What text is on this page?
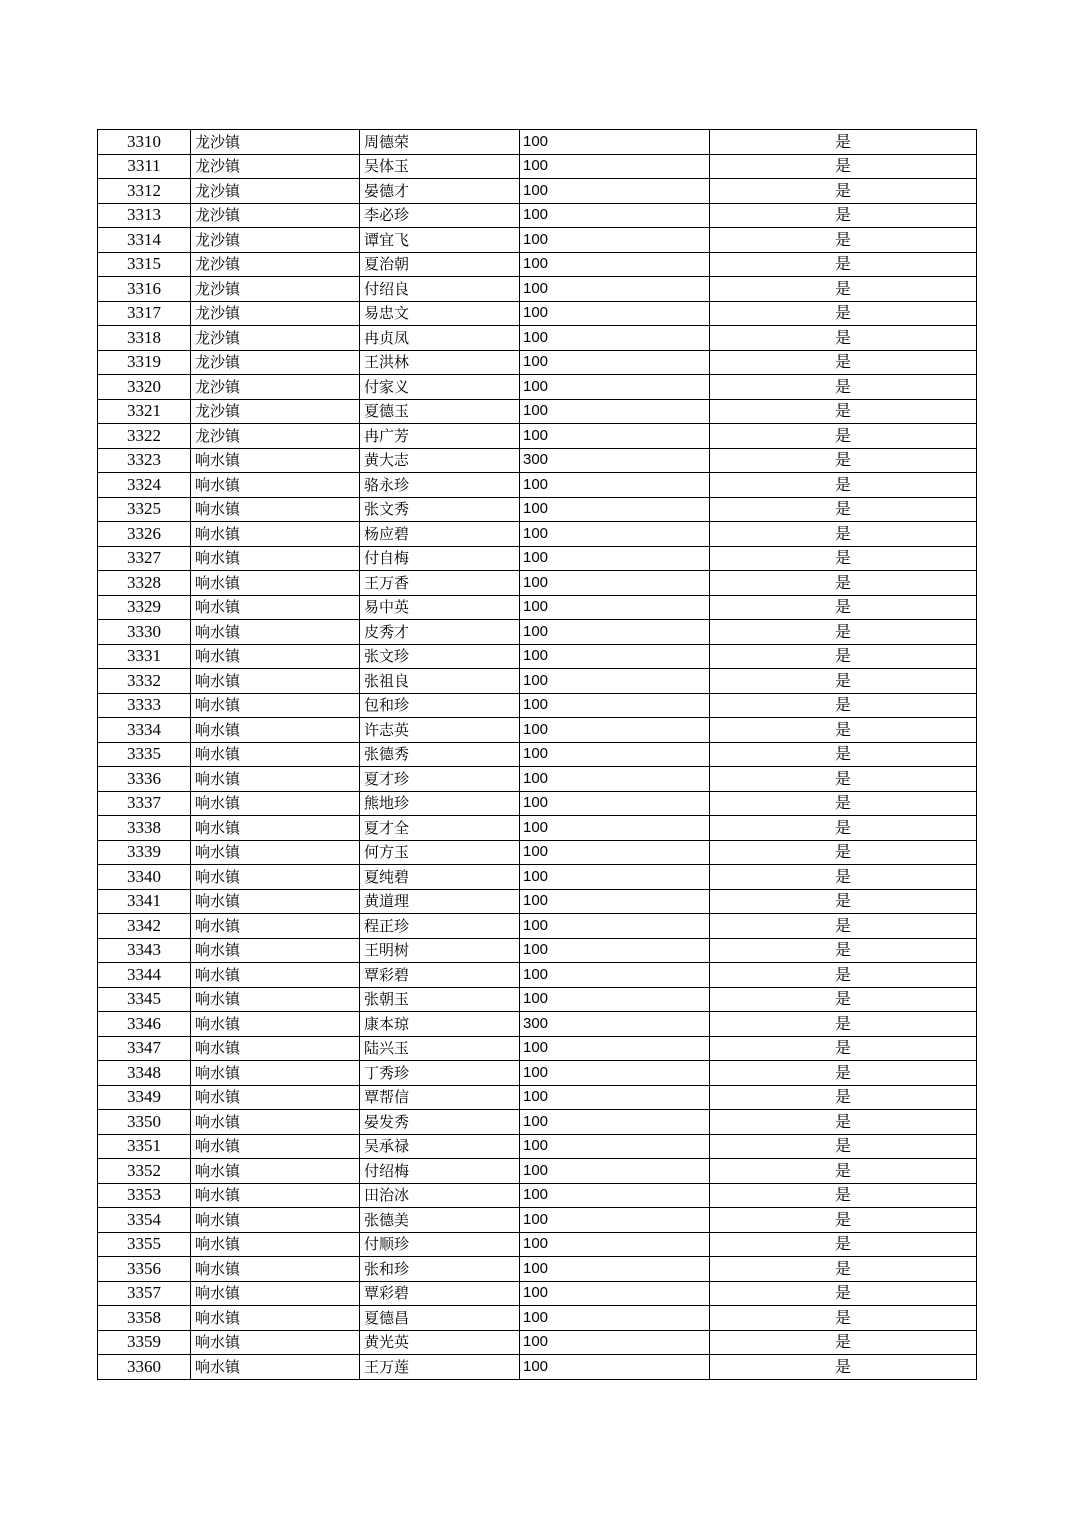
3310	龙沙镇	周德荣	100	是
3311	龙沙镇	吴体玉	100	是
3312	龙沙镇	晏德才	100	是
3313	龙沙镇	李必珍	100	是
3314	龙沙镇	谭宜飞	100	是
3315	龙沙镇	夏治朝	100	是
3316	龙沙镇	付绍良	100	是
3317	龙沙镇	易忠文	100	是
3318	龙沙镇	冉贞凤	100	是
3319	龙沙镇	王洪林	100	是
3320	龙沙镇	付家义	100	是
3321	龙沙镇	夏德玉	100	是
3322	龙沙镇	冉广芳	100	是
3323	响水镇	黄大志	300	是
3324	响水镇	骆永珍	100	是
3325	响水镇	张文秀	100	是
3326	响水镇	杨应碧	100	是
3327	响水镇	付自梅	100	是
3328	响水镇	王万香	100	是
3329	响水镇	易中英	100	是
3330	响水镇	皮秀才	100	是
3331	响水镇	张文珍	100	是
3332	响水镇	张祖良	100	是
3333	响水镇	包和珍	100	是
3334	响水镇	许志英	100	是
3335	响水镇	张德秀	100	是
3336	响水镇	夏才珍	100	是
3337	响水镇	熊地珍	100	是
3338	响水镇	夏才全	100	是
3339	响水镇	何方玉	100	是
3340	响水镇	夏纯碧	100	是
3341	响水镇	黄道理	100	是
3342	响水镇	程正珍	100	是
3343	响水镇	王明树	100	是
3344	响水镇	覃彩碧	100	是
3345	响水镇	张朝玉	100	是
3346	响水镇	康本琼	300	是
3347	响水镇	陆兴玉	100	是
3348	响水镇	丁秀珍	100	是
3349	响水镇	覃帮信	100	是
3350	响水镇	晏发秀	100	是
3351	响水镇	吴承禄	100	是
3352	响水镇	付绍梅	100	是
3353	响水镇	田治冰	100	是
3354	响水镇	张德美	100	是
3355	响水镇	付顺珍	100	是
3356	响水镇	张和珍	100	是
3357	响水镇	覃彩碧	100	是
3358	响水镇	夏德昌	100	是
3359	响水镇	黄光英	100	是
3360	响水镇	王万莲	100	是
